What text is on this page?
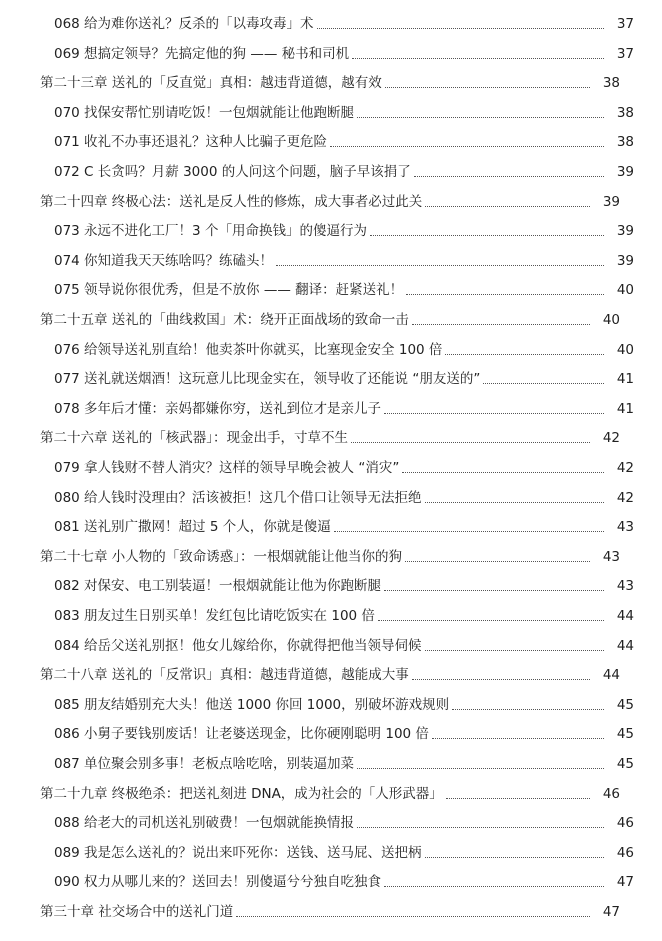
068 给为难你送礼？反杀的「以毒攻毒」术	37
069 想搞定领导？先搞定他的狗 —— 秘书和司机	37
第二十三章 送礼的「反直觉」真相：越违背道德，越有效	38
070 找保安帮忙别请吃饭！一包烟就能让他跑断腿	38
071 收礼不办事还退礼？这种人比骗子更危险	38
072 C 长贪吗？月薪 3000 的人问这个问题，脑子早该捐了	39
第二十四章 终极心法：送礼是反人性的修炼，成大事者必过此关	39
073 永远不进化工厂！3 个「用命换钱」的傻逼行为	39
074 你知道我天天练啥吗？练磕头！	39
075 领导说你很优秀，但是不放你 —— 翻译：赶紧送礼！	40
第二十五章 送礼的「曲线救国」术：绕开正面战场的致命一击	40
076 给领导送礼别直给！他卖茶叶你就买，比塞现金安全 100 倍	40
077 送礼就送烟酒！这玩意儿比现金实在，领导收了还能说 “朋友送的”	41
078 多年后才懂：亲妈都嫌你穷，送礼到位才是亲儿子	41
第二十六章 送礼的「核武器」：现金出手，寸草不生	42
079 拿人钱财不替人消灾？这样的领导早晚会被人 “消灾”	42
080 给人钱时没理由？活该被拒！这几个借口让领导无法拒绝	42
081 送礼别广撒网！超过 5 个人，你就是傻逼	43
第二十七章 小人物的「致命诱惑」：一根烟就能让他当你的狗	43
082 对保安、电工别装逼！一根烟就能让他为你跑断腿	43
083 朋友过生日别买单！发红包比请吃饭实在 100 倍	44
084 给岳父送礼别抠！他女儿嫁给你，你就得把他当领导伺候	44
第二十八章 送礼的「反常识」真相：越违背道德，越能成大事	44
085 朋友结婚别充大头！他送 1000 你回 1000，别破坏游戏规则	45
086 小舅子要钱别废话！让老婆送现金，比你硬刚聪明 100 倍	45
087 单位聚会别多事！老板点啥吃啥，别装逼加菜	45
第二十九章 终极绝杀：把送礼刻进 DNA，成为社会的「人形武器」	46
088 给老大的司机送礼别破费！一包烟就能换情报	46
089 我是怎么送礼的？说出来吓死你：送钱、送马屁、送把柄	46
090 权力从哪儿来的？送回去！别傻逼兮兮独自吃独食	47
第三十章 社交场合中的送礼门道	47
